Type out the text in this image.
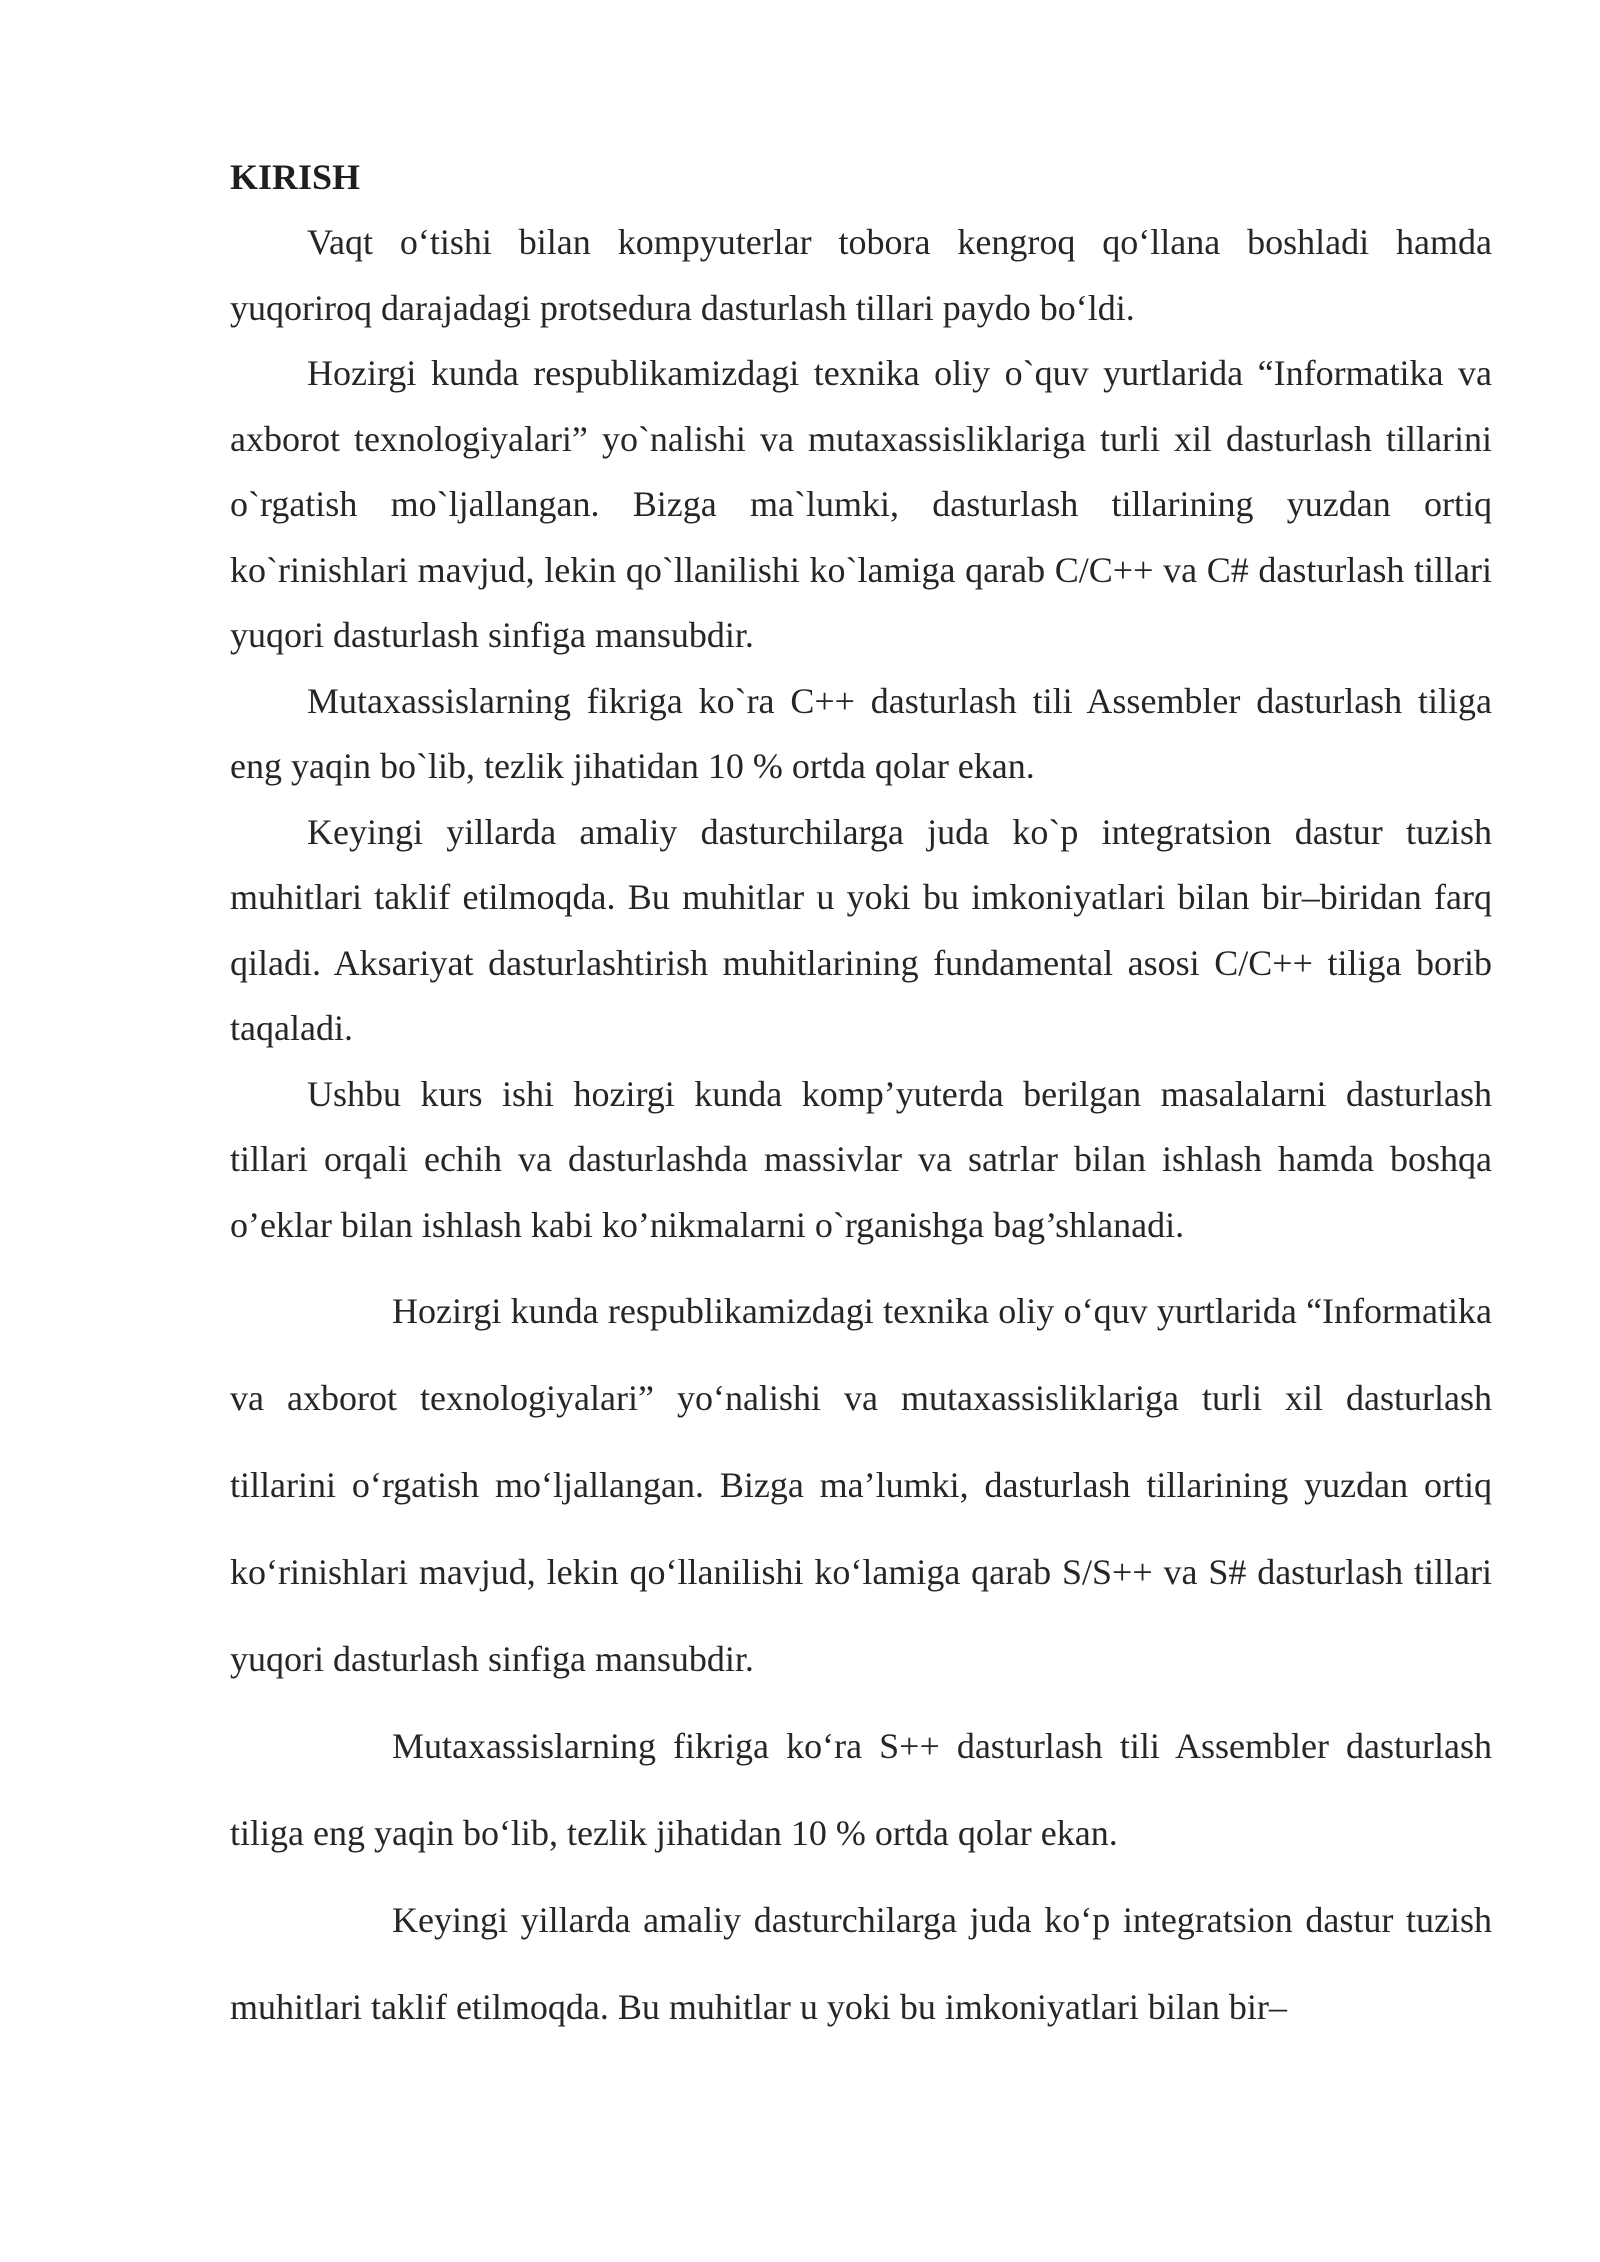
KIRISH

Vaqt o‘tishi bilan kompyuterlar tobora kengroq qo‘llana boshladi hamda yuqoriroq darajadagi protsedura dasturlash tillari paydo bo‘ldi.

Hozirgi kunda respublikamizdagi texnika oliy o`quv yurtlarida “Informatika va axborot texnologiyalari” yo`nalishi va mutaxassisliklariga turli xil dasturlash tillarini o`rgatish mo`ljallangan. Bizga ma`lumki, dasturlash tillarining yuzdan ortiq ko`rinishlari mavjud, lekin qo`llanilishi ko`lamiga qarab C/C++ va C# dasturlash tillari yuqori dasturlash sinfiga mansubdir.

Mutaxassislarning fikriga ko`ra C++ dasturlash tili Assembler dasturlash tiliga eng yaqin bo`lib, tezlik jihatidan 10 % ortda qolar ekan.

Keyingi yillarda amaliy dasturchilarga juda ko`p integratsion dastur tuzish muhitlari taklif etilmoqda. Bu muhitlar u yoki bu imkoniyatlari bilan bir–biridan farq qiladi. Aksariyat dasturlashtirish muhitlarining fundamental asosi C/C++ tiliga borib taqaladi.

Ushbu kurs ishi hozirgi kunda komp’yuterda berilgan masalalarni dasturlash tillari orqali echih va dasturlashda massivlar va satrlar bilan ishlash hamda boshqa o’eklar bilan ishlash kabi ko’nikmalarni o`rganishga bag’shlanadi.

Hozirgi kunda respublikamizdagi texnika oliy o‘quv yurtlarida “Informatika va axborot texnologiyalari” yo‘nalishi va mutaxassisliklariga turli xil dasturlash tillarini o‘rgatish mo‘ljallangan. Bizga ma’lumki, dasturlash tillarining yuzdan ortiq ko‘rinishlari mavjud, lekin qo‘llanilishi ko‘lamiga qarab S/S++ va S# dasturlash tillari yuqori dasturlash sinfiga mansubdir.

Mutaxassislarning fikriga ko‘ra S++ dasturlash tili Assembler dasturlash tiliga eng yaqin bo‘lib, tezlik jihatidan 10 % ortda qolar ekan.

Keyingi yillarda amaliy dasturchilarga juda ko‘p integratsion dastur tuzish muhitlari taklif etilmoqda. Bu muhitlar u yoki bu imkoniyatlari bilan bir–
